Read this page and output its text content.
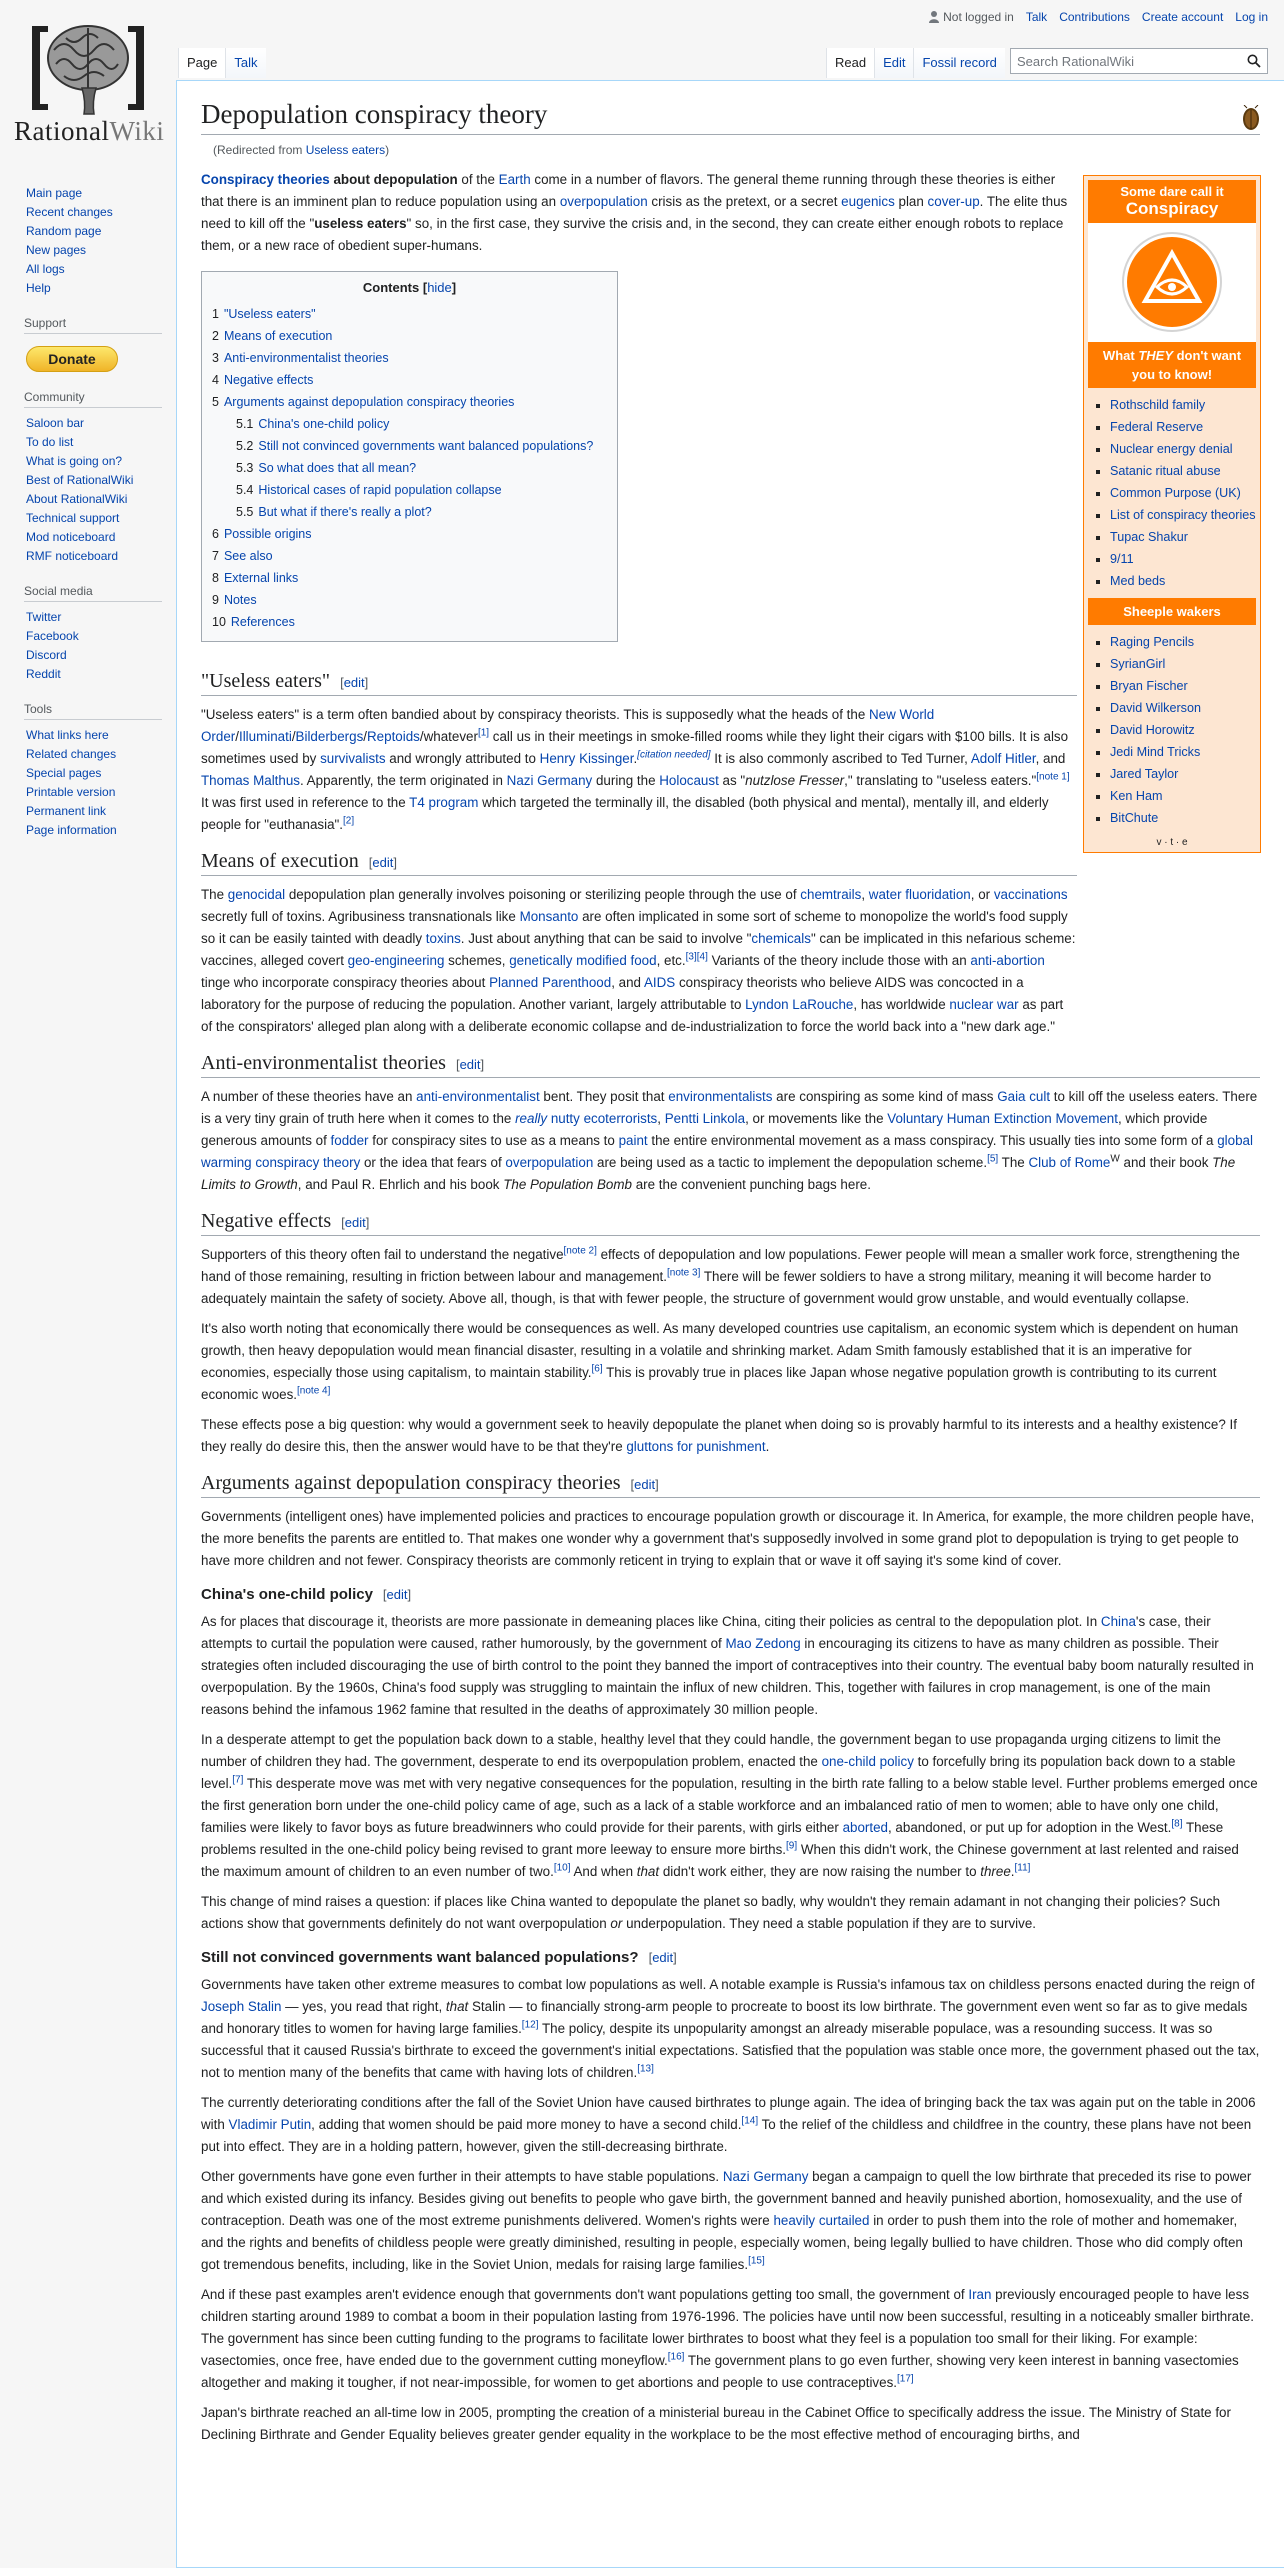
Not logged in Talk Contributions Create account Log in
RationalWiki
Page	Talk	Read	Edit	Fossil record	Search RationalWiki
Main page
Recent changes
Random page
New pages
All logs
Help
Support
Donate
Community
Saloon bar
To do list
What is going on?
Best of RationalWiki
About RationalWiki
Technical support
Mod noticeboard
RMF noticeboard
Social media
Twitter
Facebook
Discord
Reddit
Tools
What links here
Related changes
Special pages
Printable version
Permanent link
Page information
Depopulation conspiracy theory
(Redirected from Useless eaters)
Some dare call it
Conspiracy
What THEY don't want you to know!
▪ Rothschild family
▪ Federal Reserve
▪ Nuclear energy denial
▪ Satanic ritual abuse
▪ Common Purpose (UK)
▪ List of conspiracy theories
▪ Tupac Shakur
▪ 9/11
▪ Med beds
Sheeple wakers
▪ Raging Pencils
▪ SyrianGirl
▪ Bryan Fischer
▪ David Wilkerson
▪ David Horowitz
▪ Jedi Mind Tricks
▪ Jared Taylor
▪ Ken Ham
▪ BitChute
v · t · e

Conspiracy theories about depopulation of the Earth come in a number of flavors. The general theme running through these theories is either that there is an imminent plan to reduce population using an overpopulation crisis as the pretext, or a secret eugenics plan cover-up. The elite thus need to kill off the "useless eaters" so, in the first case, they survive the crisis and, in the second, they can create either enough robots to replace them, or a new race of obedient super-humans.

Contents [hide]
1 "Useless eaters"
2 Means of execution
3 Anti-environmentalist theories
4 Negative effects
5 Arguments against depopulation conspiracy theories
5.1 China's one-child policy
5.2 Still not convinced governments want balanced populations?
5.3 So what does that all mean?
5.4 Historical cases of rapid population collapse
5.5 But what if there's really a plot?
6 Possible origins
7 See also
8 External links
9 Notes
10 References
"Useless eaters" [edit]

"Useless eaters" is a term often bandied about by conspiracy theorists. This is supposedly what the heads of the New World Order/Illuminati/Bilderbergs/Reptoids/whatever[1] call us in their meetings in smoke-filled rooms while they light their cigars with $100 bills. It is also sometimes used by survivalists and wrongly attributed to Henry Kissinger.[citation needed] It is also commonly ascribed to Ted Turner, Adolf Hitler, and Thomas Malthus. Apparently, the term originated in Nazi Germany during the Holocaust as "nutzlose Fresser," translating to "useless eaters."[note 1] It was first used in reference to the T4 program which targeted the terminally ill, the disabled (both physical and mental), mentally ill, and elderly people for "euthanasia".[2]

Means of execution [edit]

The genocidal depopulation plan generally involves poisoning or sterilizing people through the use of chemtrails, water fluoridation, or vaccinations secretly full of toxins. Agribusiness transnationals like Monsanto are often implicated in some sort of scheme to monopolize the world's food supply so it can be easily tainted with deadly toxins. Just about anything that can be said to involve "chemicals" can be implicated in this nefarious scheme: vaccines, alleged covert geo-engineering schemes, genetically modified food, etc.[3][4] Variants of the theory include those with an anti-abortion tinge who incorporate conspiracy theories about Planned Parenthood, and AIDS conspiracy theorists who believe AIDS was concocted in a laboratory for the purpose of reducing the population. Another variant, largely attributable to Lyndon LaRouche, has worldwide nuclear war as part of the conspirators' alleged plan along with a deliberate economic collapse and de-industrialization to force the world back into a "new dark age."

Anti-environmentalist theories [edit]

A number of these theories have an anti-environmentalist bent. They posit that environmentalists are conspiring as some kind of mass Gaia cult to kill off the useless eaters. There is a very tiny grain of truth here when it comes to the really nutty ecoterrorists, Pentti Linkola, or movements like the Voluntary Human Extinction Movement, which provide generous amounts of fodder for conspiracy sites to use as a means to paint the entire environmental movement as a mass conspiracy. This usually ties into some form of a global warming conspiracy theory or the idea that fears of overpopulation are being used as a tactic to implement the depopulation scheme.[5] The Club of Rome$^W$ and their book The Limits to Growth, and Paul R. Ehrlich and his book The Population Bomb are the convenient punching bags here.

Negative effects [edit]

Supporters of this theory often fail to understand the negative[note 2] effects of depopulation and low populations. Fewer people will mean a smaller work force, strengthening the hand of those remaining, resulting in friction between labour and management.[note 3] There will be fewer soldiers to have a strong military, meaning it will become harder to adequately maintain the safety of society. Above all, though, is that with fewer people, the structure of government would grow unstable, and would eventually collapse.

It's also worth noting that economically there would be consequences as well. As many developed countries use capitalism, an economic system which is dependent on human growth, then heavy depopulation would mean financial disaster, resulting in a volatile and shrinking market. Adam Smith famously established that it is an imperative for economies, especially those using capitalism, to maintain stability.[6] This is provably true in places like Japan whose negative population growth is contributing to its current economic woes.[note 4]

These effects pose a big question: why would a government seek to heavily depopulate the planet when doing so is provably harmful to its interests and a healthy existence? If they really do desire this, then the answer would have to be that they're gluttons for punishment.

Arguments against depopulation conspiracy theories [edit]

Governments (intelligent ones) have implemented policies and practices to encourage population growth or discourage it. In America, for example, the more children people have, the more benefits the parents are entitled to. That makes one wonder why a government that's supposedly involved in some grand plot to depopulation is trying to get people to have more children and not fewer. Conspiracy theorists are commonly reticent in trying to explain that or wave it off saying it's some kind of cover.

China's one-child policy [edit]

As for places that discourage it, theorists are more passionate in demeaning places like China, citing their policies as central to the depopulation plot. In China's case, their attempts to curtail the population were caused, rather humorously, by the government of Mao Zedong in encouraging its citizens to have as many children as possible. Their strategies often included discouraging the use of birth control to the point they banned the import of contraceptives into their country. The eventual baby boom naturally resulted in overpopulation. By the 1960s, China's food supply was struggling to maintain the influx of new children. This, together with failures in crop management, is one of the main reasons behind the infamous 1962 famine that resulted in the deaths of approximately 30 million people.

In a desperate attempt to get the population back down to a stable, healthy level that they could handle, the government began to use propaganda urging citizens to limit the number of children they had. The government, desperate to end its overpopulation problem, enacted the one-child policy to forcefully bring its population back down to a stable level.[7] This desperate move was met with very negative consequences for the population, resulting in the birth rate falling to a below stable level. Further problems emerged once the first generation born under the one-child policy came of age, such as a lack of a stable workforce and an imbalanced ratio of men to women; able to have only one child, families were likely to favor boys as future breadwinners who could provide for their parents, with girls either aborted, abandoned, or put up for adoption in the West.[8] These problems resulted in the one-child policy being revised to grant more leeway to ensure more births.[9] When this didn't work, the Chinese government at last relented and raised the maximum amount of children to an even number of two.[10] And when that didn't work either, they are now raising the number to three.[11]

This change of mind raises a question: if places like China wanted to depopulate the planet so badly, why wouldn't they remain adamant in not changing their policies? Such actions show that governments definitely do not want overpopulation or underpopulation. They need a stable population if they are to survive.

Still not convinced governments want balanced populations? [edit]

Governments have taken other extreme measures to combat low populations as well. A notable example is Russia's infamous tax on childless persons enacted during the reign of Joseph Stalin — yes, you read that right, that Stalin — to financially strong-arm people to procreate to boost its low birthrate. The government even went so far as to give medals and honorary titles to women for having large families.[12] The policy, despite its unpopularity amongst an already miserable populace, was a resounding success. It was so successful that it caused Russia's birthrate to exceed the government's initial expectations. Satisfied that the population was stable once more, the government phased out the tax, not to mention many of the benefits that came with having lots of children.[13]

The currently deteriorating conditions after the fall of the Soviet Union have caused birthrates to plunge again. The idea of bringing back the tax was again put on the table in 2006 with Vladimir Putin, adding that women should be paid more money to have a second child.[14] To the relief of the childless and childfree in the country, these plans have not been put into effect. They are in a holding pattern, however, given the still-decreasing birthrate.

Other governments have gone even further in their attempts to have stable populations. Nazi Germany began a campaign to quell the low birthrate that preceded its rise to power and which existed during its infancy. Besides giving out benefits to people who gave birth, the government banned and heavily punished abortion, homosexuality, and the use of contraception. Death was one of the most extreme punishments delivered. Women's rights were heavily curtailed in order to push them into the role of mother and homemaker, and the rights and benefits of childless people were greatly diminished, resulting in people, especially women, being legally bullied to have children. Those who did comply often got tremendous benefits, including, like in the Soviet Union, medals for raising large families.[15]

And if these past examples aren't evidence enough that governments don't want populations getting too small, the government of Iran previously encouraged people to have less children starting around 1989 to combat a boom in their population lasting from 1976-1996. The policies have until now been successful, resulting in a noticeably smaller birthrate. The government has since been cutting funding to the programs to facilitate lower birthrates to boost what they feel is a population too small for their liking. For example: vasectomies, once free, have ended due to the government cutting moneyflow.[16] The government plans to go even further, showing very keen interest in banning vasectomies altogether and making it tougher, if not near-impossible, for women to get abortions and people to use contraceptives.[17]

Japan's birthrate reached an all-time low in 2005, prompting the creation of a ministerial bureau in the Cabinet Office to specifically address the issue. The Ministry of State for Declining Birthrate and Gender Equality believes greater gender equality in the workplace to be the most effective method of encouraging births, and
